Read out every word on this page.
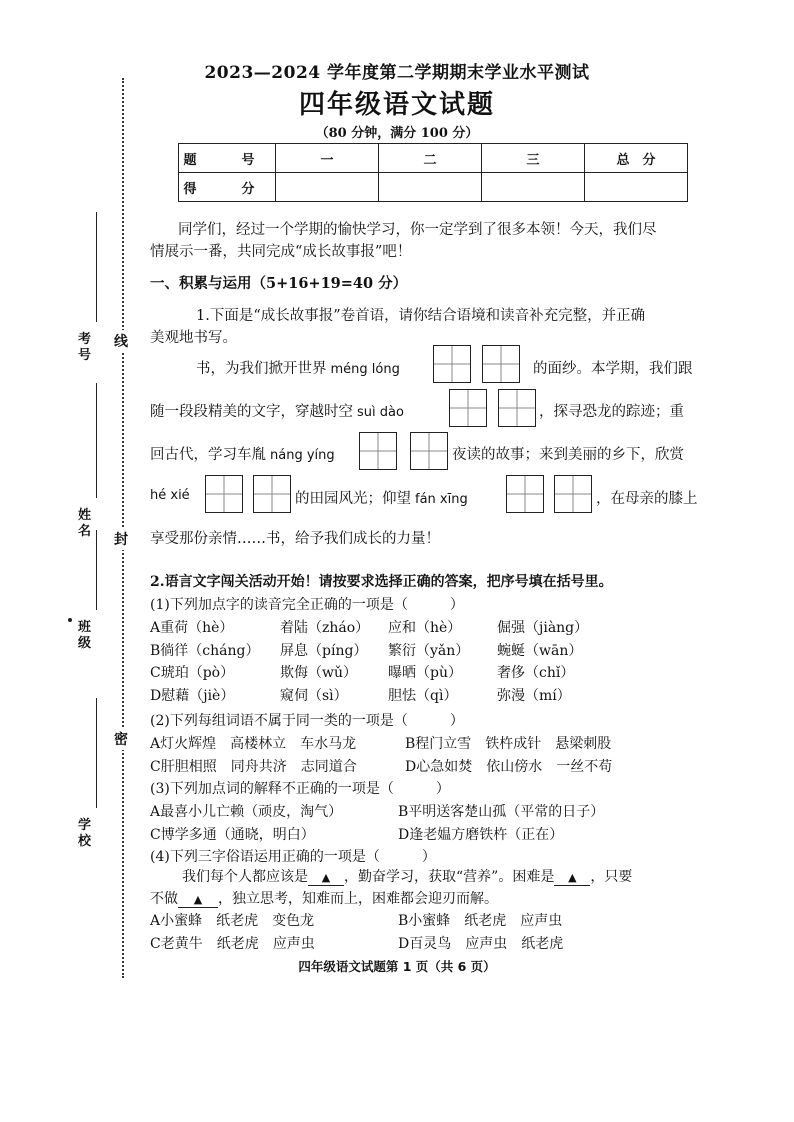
线
封
密
考号
姓名
班级
学校
2023—2024 学年度第二学期期末学业水平测试
四年级语文试题
（80 分钟，满分 100 分）
题　号	一	二	三	总　分
得　分				
同学们，经过一个学期的愉快学习，你一定学到了很多本领！今天，我们尽
情展示一番，共同完成“成长故事报”吧！
一、积累与运用（5+16+19=40 分）
1.下面是“成长故事报”卷首语，请你结合语境和读音补充完整，并正确
美观地书写。
书，为我们掀开世界 méng lóng	的面纱。本学期，我们跟
随一段段精美的文字，穿越时空 suì dào	，探寻恐龙的踪迹；重
回古代，学习车胤 náng yíng	夜读的故事；来到美丽的乡下，欣赏
hé xié	的田园风光；仰望 fán xīng	，在母亲的膝上
享受那份亲情……书，给予我们成长的力量！
2.语言文字闯关活动开始！请按要求选择正确的答案，把序号填在括号里。
(1)下列加点字的读音完全正确的一项是（　　　）
A重荷（hè）	着陆（zháo） 应和（hè）	倔强（jiàng）
B徜徉（cháng） 屏息（píng） 繁衍（yǎn） 蜿蜒（wān）
C琥珀（pò）	欺侮（wǔ） 曝晒（pù）	奢侈（chǐ）
D慰藉（jiè）	窥伺（sì）	胆怯（qì）	弥漫（mí）
(2)下列每组词语不属于同一类的一项是（　　　）
A灯火辉煌　高楼林立　车水马龙	B程门立雪　铁杵成针　悬梁刺股
C肝胆相照　同舟共济　志同道合	D心急如焚　依山傍水　一丝不苟
(3)下列加点词的解释不正确的一项是（　　　）
A最喜小儿亡赖（顽皮，淘气）	B平明送客楚山孤（平常的日子）
C博学多通（通晓，明白）	D逢老媪方磨铁杵（正在）
(4)下列三字俗语运用正确的一项是（　　　）
我们每个人都应该是 ▲ ，勤奋学习，获取“营养”。困难是 ▲ ，只要
不做 ▲ ，独立思考，知难而上，困难都会迎刃而解。
A小蜜蜂　纸老虎　变色龙	B小蜜蜂　纸老虎　应声虫
C老黄牛　纸老虎　应声虫	D百灵鸟　应声虫　纸老虎
四年级语文试题第 1 页（共 6 页）
